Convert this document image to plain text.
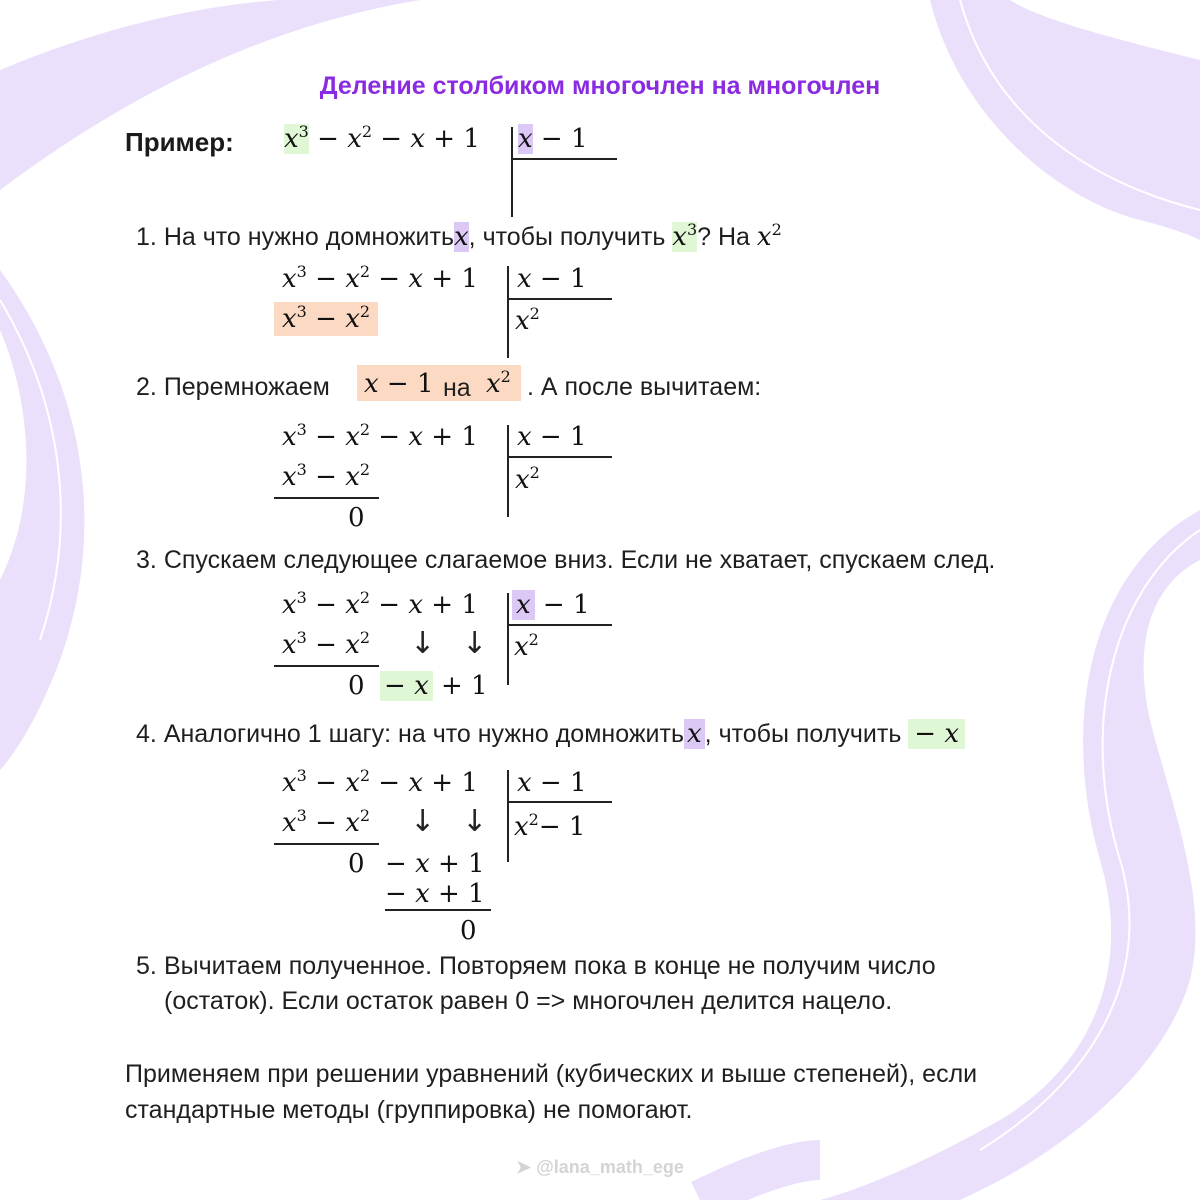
Деление столбиком многочлен на многочлен
Пример: $x^3 - x^2 - x + 1$ x − 1
1. На что нужно домножитьx, чтобы получить $x^3$? На $x^2$
$x^3 - x^2 - x + 1$
$x^3 - x^2$
x − 1
$x^2$
2. Перемножаем x − 1 на $x^2$ . А после вычитаем:
$x^3 - x^2 - x + 1$
$x^3 - x^2$
0
x − 1
$x^2$
3. Спускаем следующее слагаемое вниз. Если не хватает, спускаем след.
$x^3 - x^2 - x + 1$
$x^3 - x^2$ ↓ ↓
0 − x + 1
x − 1
$x^2$
4. Аналогично 1 шагу: на что нужно домножить x , чтобы получить − x
$x^3 - x^2 - x + 1$
$x^3 - x^2$ ↓ ↓
0 − x + 1
− x + 1
0
x − 1
$x^2- 1$
5. Вычитаем полученное. Повторяем пока в конце не получим число
(остаток). Если остаток равен 0 => многочлен делится нацело.
Применяем при решении уравнений (кубических и выше степеней), если
стандартные методы (группировка) не помогают.
➤ @lana_math_ege
